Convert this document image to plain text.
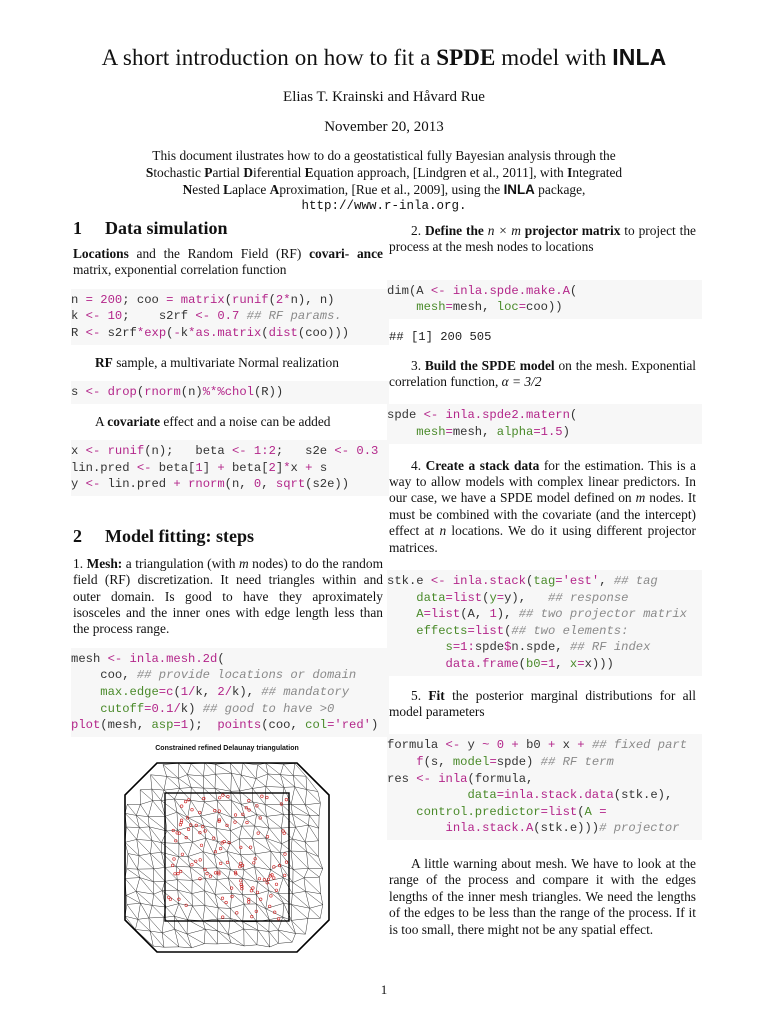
A short introduction on how to fit a SPDE model with INLA
Elias T. Krainski and Håvard Rue
November 20, 2013
This document ilustrates how to do a geostatistical fully Bayesian analysis through the
Stochastic Partial Diferential Equation approach, [Lindgren et al., 2011], with Integrated
Nested Laplace Aproximation, [Rue et al., 2009], using the INLA package,
http://www.r-inla.org.
1 Data simulation

Locations and the Random Field (RF) covari- ance matrix, exponential correlation function

n = 200; coo = matrix(runif(2*n), n)
k <- 10;    s2rf <- 0.7 ## RF params.
R <- s2rf*exp(-k*as.matrix(dist(coo)))

RF sample, a multivariate Normal realization

s <- drop(rnorm(n)%*%chol(R))

A covariate effect and a noise can be added

x <- runif(n);   beta <- 1:2;   s2e <- 0.3
lin.pred <- beta[1] + beta[2]*x + s
y <- lin.pred + rnorm(n, 0, sqrt(s2e))
2 Model fitting: steps

1. Mesh: a triangulation (with m nodes) to do the random field (RF) discretization. It need triangles within and outer domain. Is good to have they aproximately isosceles and the inner ones with edge length less than the process range.

mesh <- inla.mesh.2d(
coo, ## provide locations or domain
max.edge=c(1/k, 2/k), ## mandatory
cutoff=0.1/k) ## good to have >0
plot(mesh, asp=1);  points(coo, col='red')
Constrained refined Delaunay triangulation

2. Define the n × m projector matrix to project the process at the mesh nodes to locations

dim(A <- inla.spde.make.A(
mesh=mesh, loc=coo))
## [1] 200 505

3. Build the SPDE model on the mesh. Exponential correlation function, α = 3/2

spde <- inla.spde2.matern(
mesh=mesh, alpha=1.5)

4. Create a stack data for the estimation. This is a way to allow models with complex linear predictors. In our case, we have a SPDE model defined on m nodes. It must be combined with the covariate (and the intercept) effect at n locations. We do it using different projector matrices.

stk.e <- inla.stack(tag='est', ## tag
data=list(y=y),   ## response
A=list(A, 1), ## two projector matrix
effects=list(## two elements:
s=1:spde$n.spde, ## RF index
data.frame(b0=1, x=x)))

5. Fit the posterior marginal distributions for all model parameters

formula <- y ~ 0 + b0 + x + ## fixed part
f(s, model=spde) ## RF term
res <- inla(formula,
data=inla.stack.data(stk.e),
control.predictor=list(A =
inla.stack.A(stk.e)))# projector

A little warning about mesh. We have to look at the range of the process and compare it with the edges lengths of the inner mesh triangles. We need the lengths of the edges to be less than the range of the process. If it is too small, there might not be any spatial effect.

1
